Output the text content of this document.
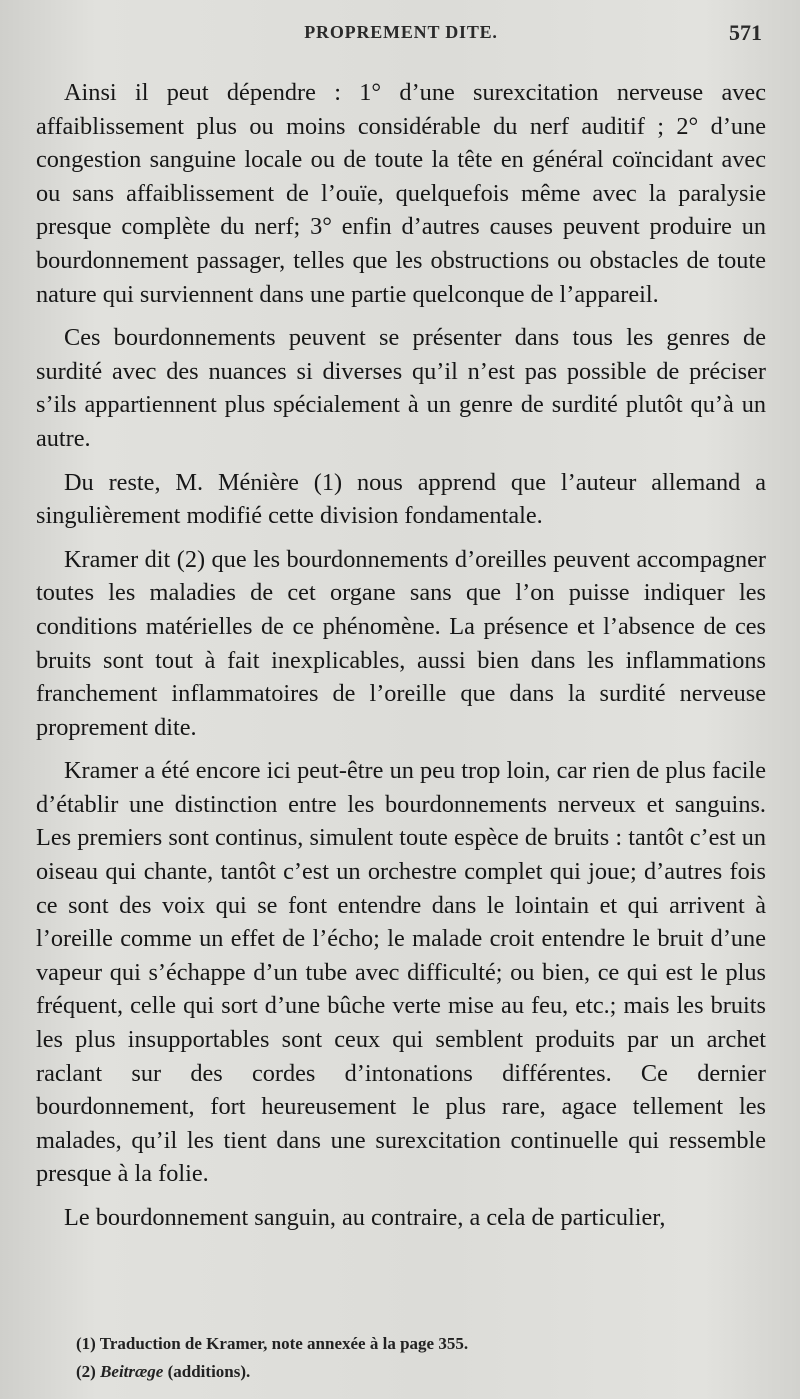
PROPREMENT DITE.	571

Ainsi il peut dépendre : 1° d’une surexcitation nerveuse avec affaiblissement plus ou moins considérable du nerf auditif ; 2° d’une congestion sanguine locale ou de toute la tête en général coïncidant avec ou sans affaiblissement de l’ouïe, quelquefois même avec la paralysie presque complète du nerf; 3° enfin d’autres causes peuvent produire un bourdonnement passager, telles que les obstructions ou obstacles de toute nature qui surviennent dans une partie quelconque de l’appareil.

Ces bourdonnements peuvent se présenter dans tous les genres de surdité avec des nuances si diverses qu’il n’est pas possible de préciser s’ils appartiennent plus spécialement à un genre de surdité plutôt qu’à un autre.

Du reste, M. Ménière (1) nous apprend que l’auteur allemand a singulièrement modifié cette division fondamentale.

Kramer dit (2) que les bourdonnements d’oreilles peuvent accompagner toutes les maladies de cet organe sans que l’on puisse indiquer les conditions matérielles de ce phénomène. La présence et l’absence de ces bruits sont tout à fait inexplicables, aussi bien dans les inflammations franchement inflammatoires de l’oreille que dans la surdité nerveuse proprement dite.

Kramer a été encore ici peut-être un peu trop loin, car rien de plus facile d’établir une distinction entre les bourdonnements nerveux et sanguins. Les premiers sont continus, simulent toute espèce de bruits : tantôt c’est un oiseau qui chante, tantôt c’est un orchestre complet qui joue; d’autres fois ce sont des voix qui se font entendre dans le lointain et qui arrivent à l’oreille comme un effet de l’écho; le malade croit entendre le bruit d’une vapeur qui s’échappe d’un tube avec difficulté; ou bien, ce qui est le plus fréquent, celle qui sort d’une bûche verte mise au feu, etc.; mais les bruits les plus insupportables sont ceux qui semblent produits par un archet raclant sur des cordes d’intonations différentes. Ce dernier bourdonnement, fort heureusement le plus rare, agace tellement les malades, qu’il les tient dans une surexcitation continuelle qui ressemble presque à la folie.

Le bourdonnement sanguin, au contraire, a cela de particulier,

(1) Traduction de Kramer, note annexée à la page 355.
(2) Beitræge (additions).
